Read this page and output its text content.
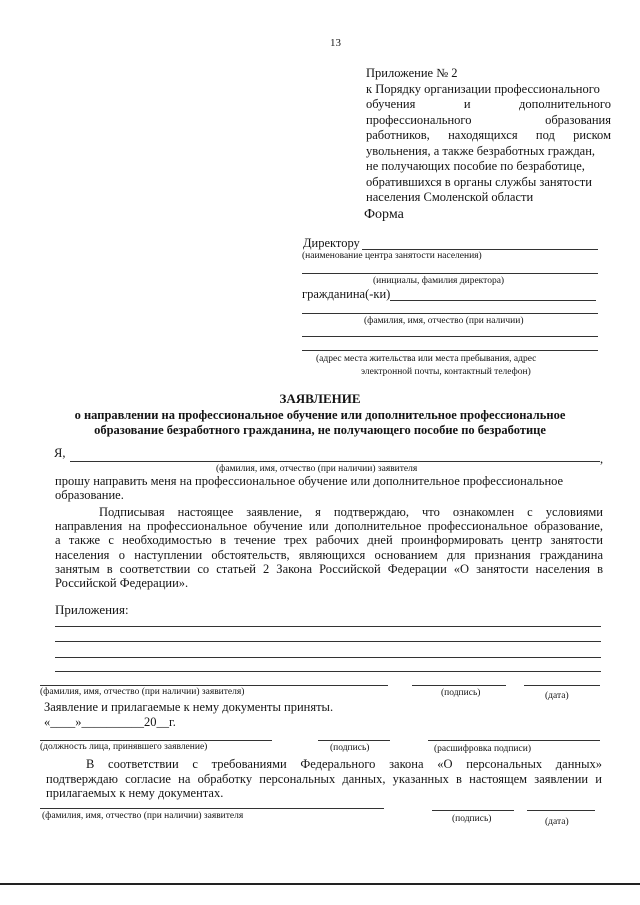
13
Приложение № 2
к Порядку организации профессионального
обучения	и	дополнительного
профессионального	образования
работников, находящихся под риском
увольнения, а также безработных граждан,
не получающих пособие по безработице,
обратившихся в органы службы занятости
населения Смоленской области
Форма
Директору
(наименование центра занятости населения)
(инициалы, фамилия директора)
гражданина(-ки)
(фамилия, имя, отчество (при наличии)
(адрес места жительства или места пребывания, адрес
электронной почты, контактный телефон)
ЗАЯВЛЕНИЕ
о направлении на профессиональное обучение или дополнительное профессиональное
образование безработного гражданина, не получающего пособие по безработице
Я,	,
(фамилия, имя, отчество (при наличии) заявителя
прошу направить меня на профессиональное обучение или дополнительное профессиональное
образование.
Подписывая настоящее заявление, я подтверждаю, что ознакомлен с условиями
направления на профессиональное обучение или дополнительное профессиональное образование,
а также с необходимостью в течение трех рабочих дней проинформировать центр занятости
населения о наступлении обстоятельств, являющихся основанием для признания гражданина
занятым в соответствии со статьей 2 Закона Российской Федерации «О занятости населения в
Российской Федерации».
Приложения:
(фамилия, имя, отчество (при наличии) заявителя)	(подпись)	(дата)
Заявление и прилагаемые к нему документы приняты.
«____»__________20__г.
(должность лица, принявшего заявление)	(подпись)	(расшифровка подписи)
В соответствии с требованиями Федерального закона «О персональных данных»
подтверждаю согласие на обработку персональных данных, указанных в настоящем заявлении и
прилагаемых к нему документах.
(фамилия, имя, отчество (при наличии) заявителя	(подпись)	(дата)
